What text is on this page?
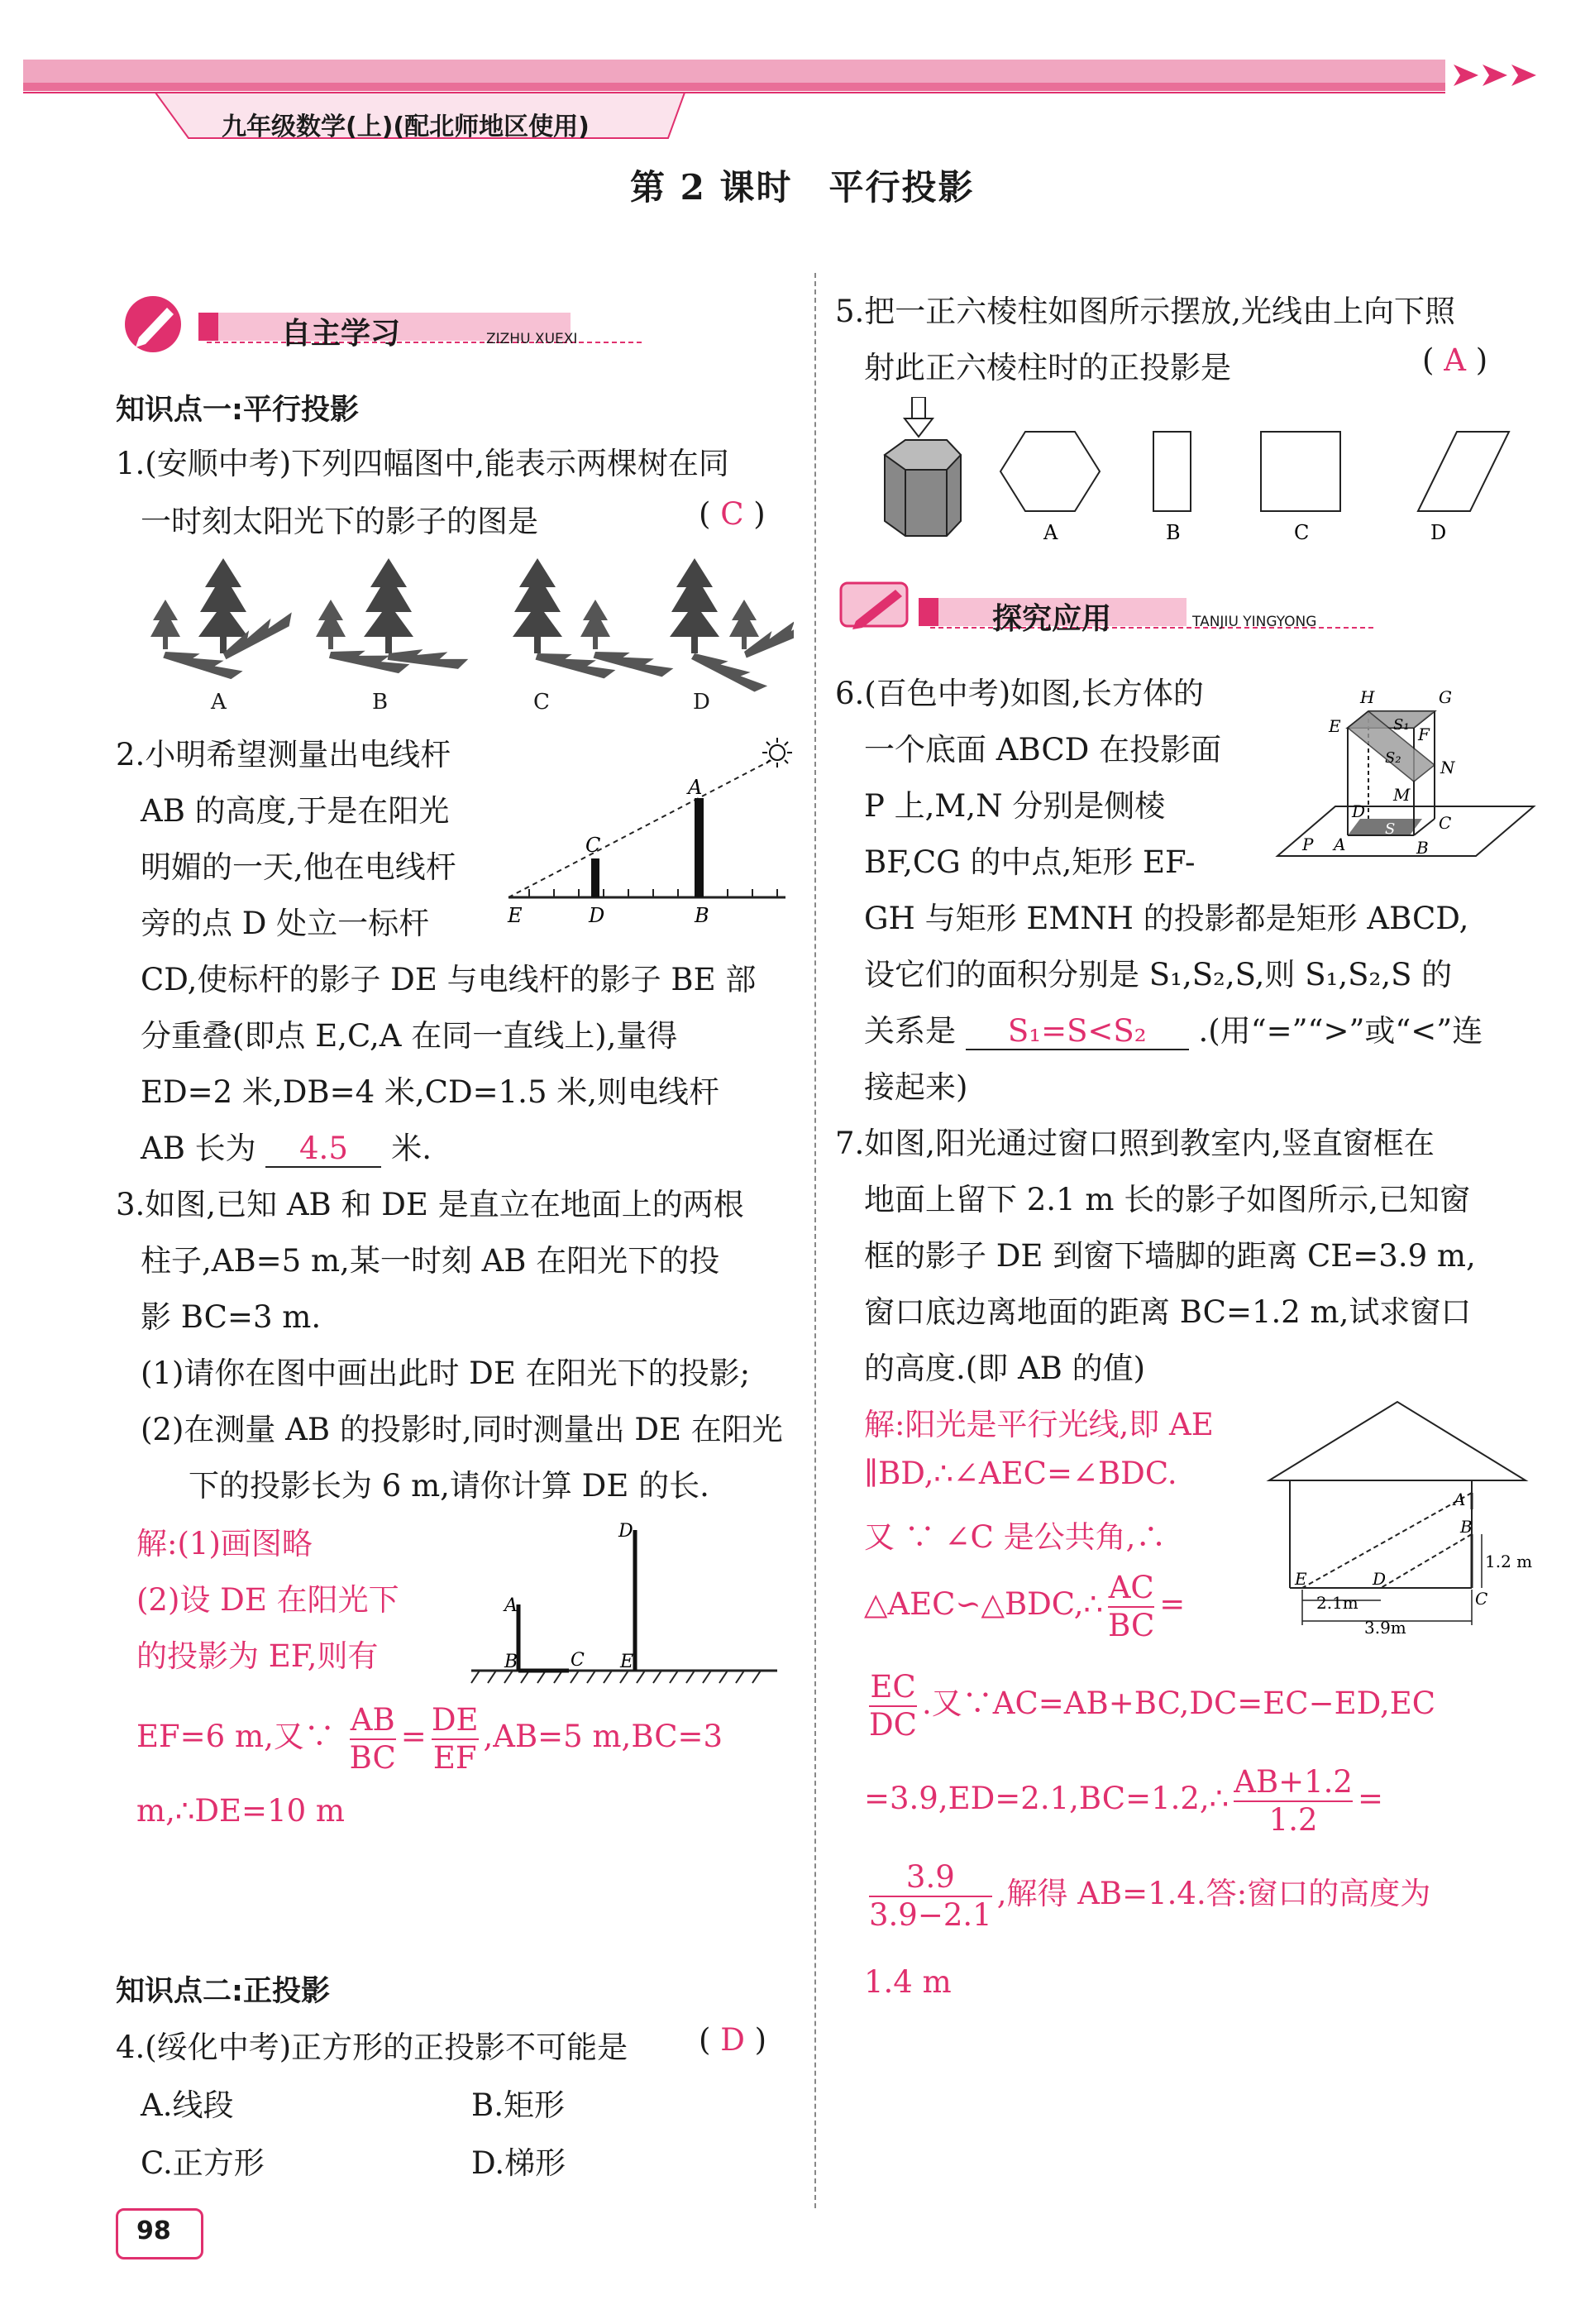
九年级数学(上)(配北师地区使用)
第 2 课时　平行投影
自主学习	ZIZHU XUEXI
知识点一:平行投影
1.(安顺中考)下列四幅图中,能表示两棵树在同
一时刻太阳光下的影子的图是	( C )
A	B	C	D
2.小明希望测量出电线杆
AB 的高度,于是在阳光
明媚的一天,他在电线杆
旁的点 D 处立一标杆
A
C
E	D	B
CD,使标杆的影子 DE 与电线杆的影子 BE 部
分重叠(即点 E,C,A 在同一直线上),量得
ED=2 米,DB=4 米,CD=1.5 米,则电线杆
AB 长为 4.5 米.
3.如图,已知 AB 和 DE 是直立在地面上的两根
柱子,AB=5 m,某一时刻 AB 在阳光下的投
影 BC=3 m.
(1)请你在图中画出此时 DE 在阳光下的投影;
(2)在测量 AB 的投影时,同时测量出 DE 在阳光
下的投影长为 6 m,请你计算 DE 的长.
解:(1)画图略
(2)设 DE 在阳光下
的投影为 EF,则有
D
A
B	C E
EF=6 m,又∵ $\frac{AB}{BC} = \frac{DE}{EF} ,AB=5$ m,BC=3
m,∴DE=10 m
知识点二:正投影
4.(绥化中考)正方形的正投影不可能是 ( D )
A.线段	B.矩形
C.正方形	D.梯形
98
5.把一正六棱柱如图所示摆放,光线由上向下照
射此正六棱柱时的正投影是	( A )
A	B	C	D
探究应用	TANJIU YINGYONG
6.(百色中考)如图,长方体的
一个底面 ABCD 在投影面
P 上,M,N 分别是侧棱
BF,CG 的中点,矩形 EF-
H	G
E	S₁ F
S₂ N
M
D
C
P A
S
B
GH 与矩形 EMNH 的投影都是矩形 ABCD,
设它们的面积分别是 S₁,S₂,S,则 S₁,S₂,S 的
关系是 S₁=S<S₂ .(用“=”“>”或“<”连
接起来)
7.如图,阳光通过窗口照到教室内,竖直窗框在
地面上留下 2.1 m 长的影子如图所示,已知窗
框的影子 DE 到窗下墙脚的距离 CE=3.9 m,
窗口底边离地面的距离 BC=1.2 m,试求窗口
的高度.(即 AB 的值)
解:阳光是平行光线,即 AE
∥BD,∴∠AEC=∠BDC.
又 ∵ ∠C 是公共角,∴
△AEC∽△BDC,∴ $\frac{AC}{BC}$ =
A
B
1.2 m
E	D
C
2.1m
3.9m
$\frac{EC}{DC}$ .又∵AC=AB+BC,DC=EC−ED,EC
=3.9,ED=2.1,BC=1.2,∴ $\frac{AB+1.2}{1.2}$ =
$\frac{3.9}{3.9-2.1}$ ,解得 AB=1.4.答:窗口的高度为
1.4 m
